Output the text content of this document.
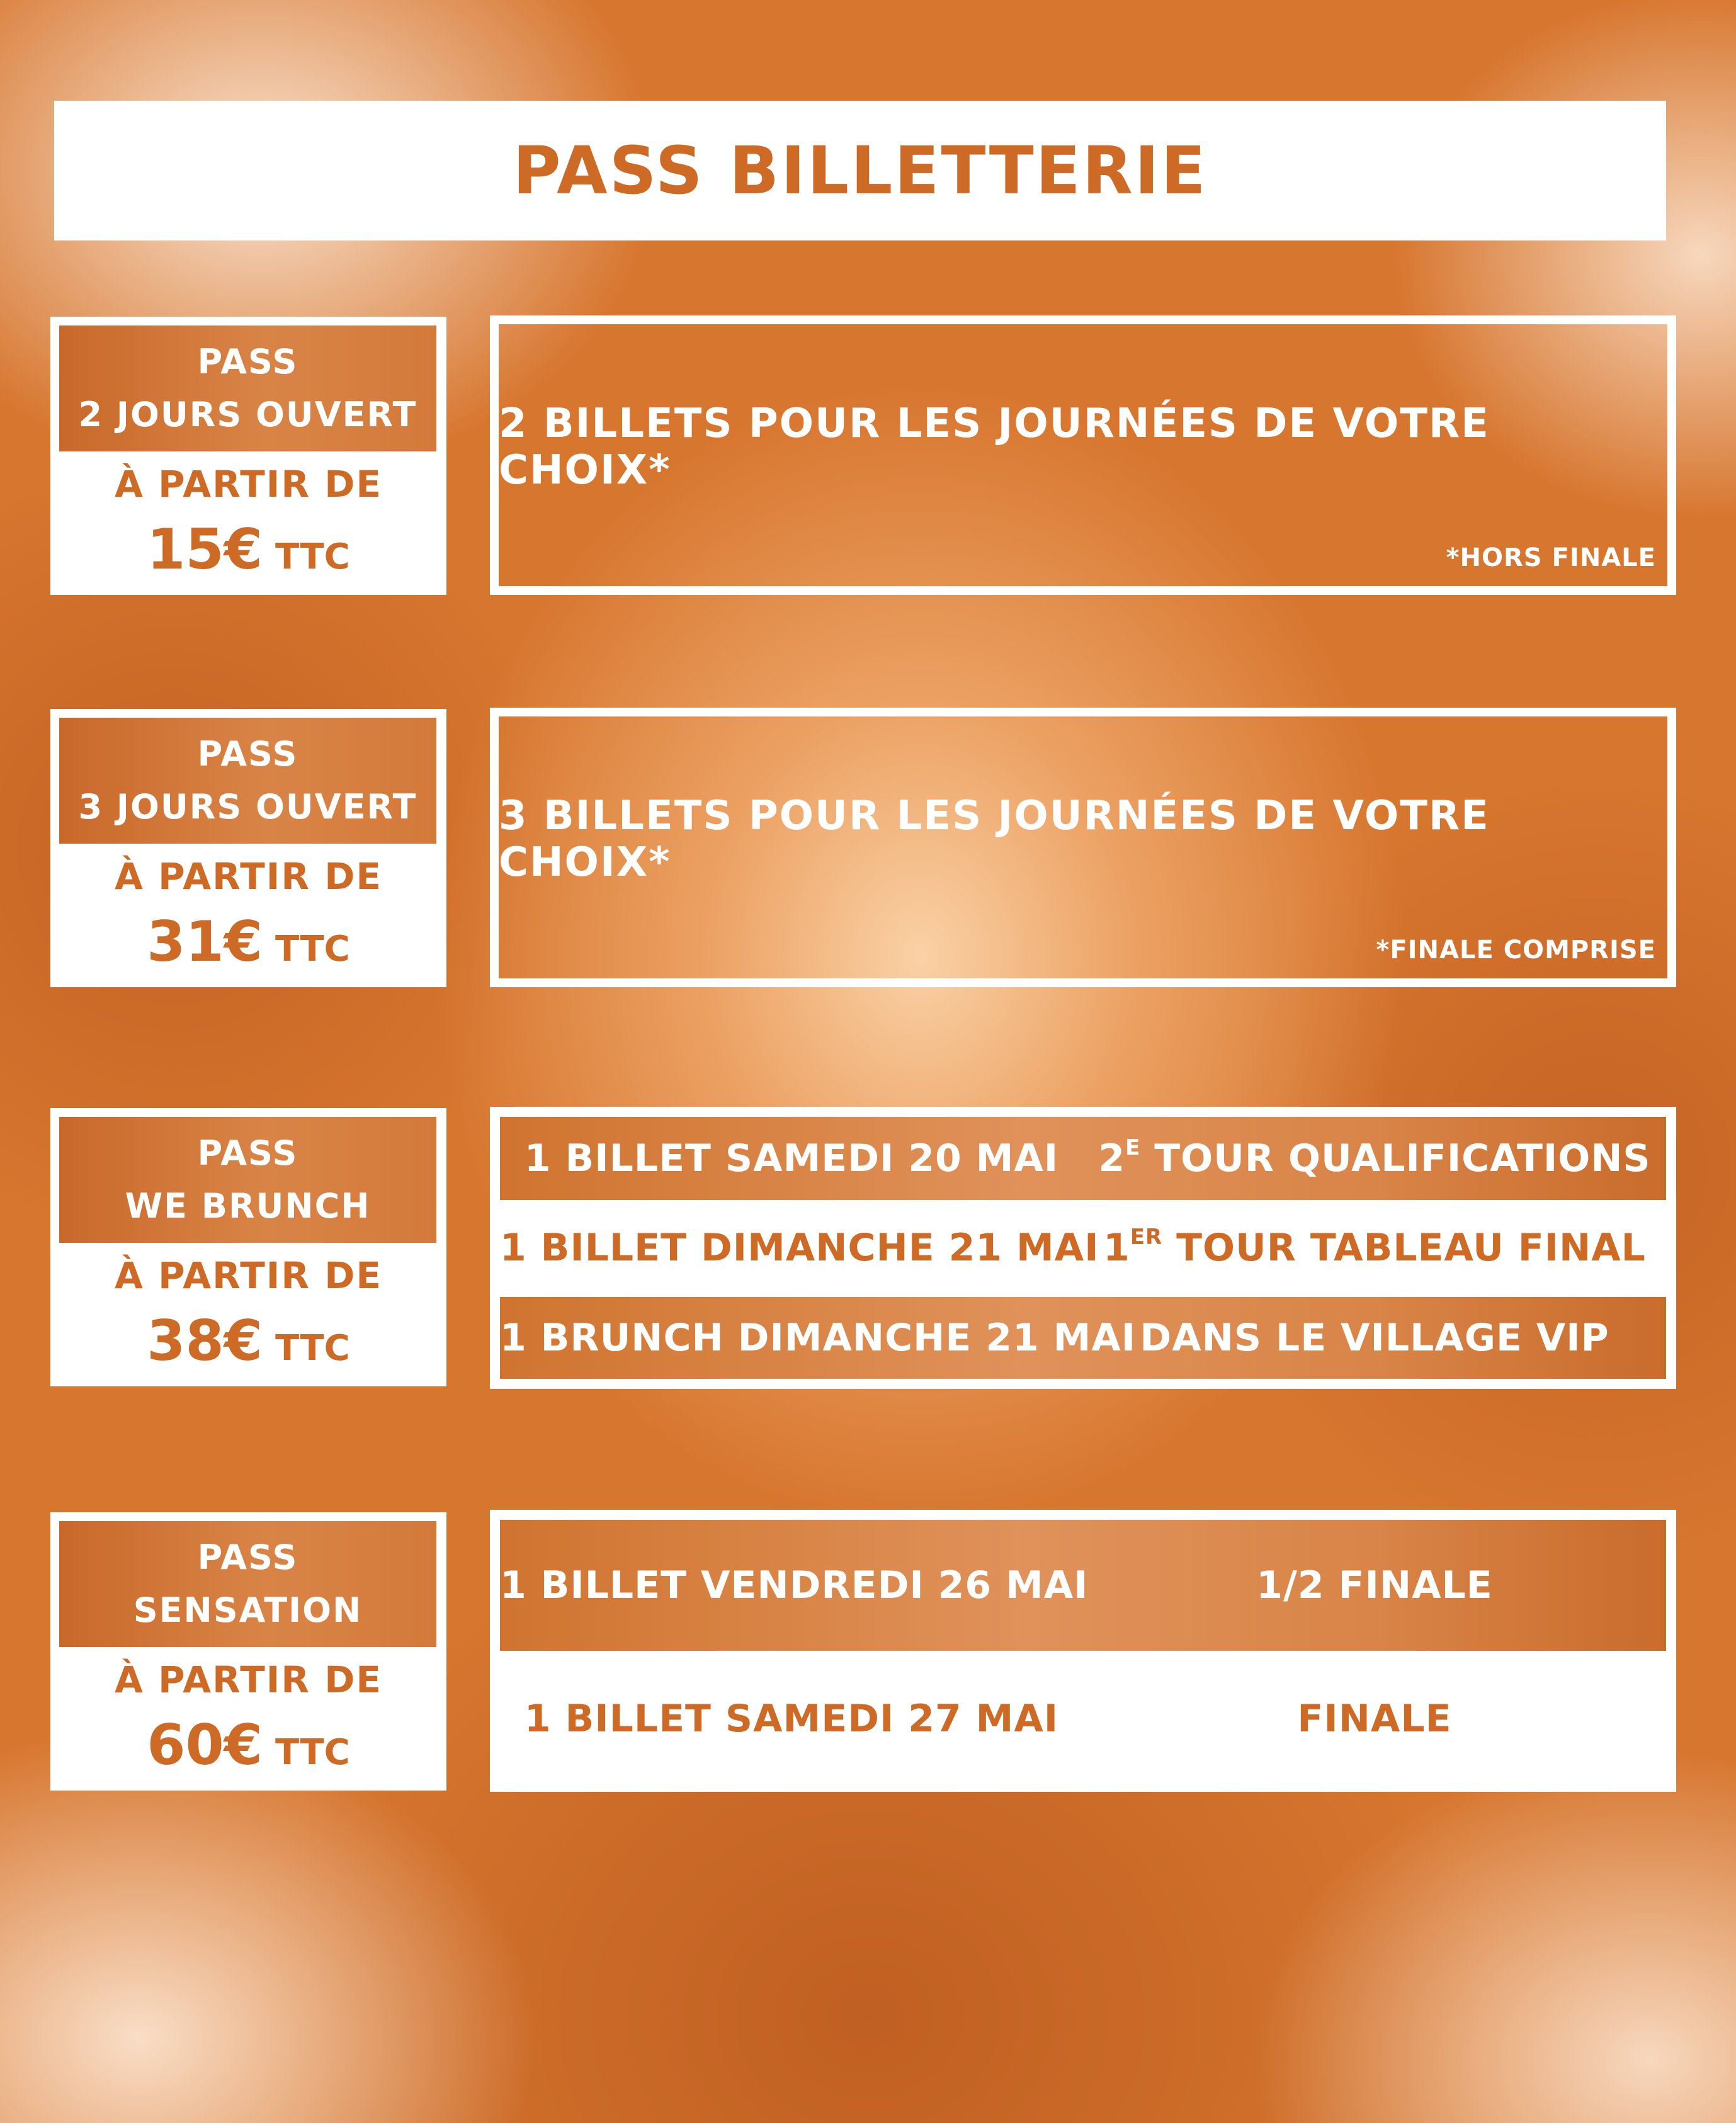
PASS BILLETTERIE
PASS
2 JOURS OUVERT
À PARTIR DE
15€ TTC
2 BILLETS POUR LES JOURNÉES DE VOTRE CHOIX*
*HORS FINALE
PASS
3 JOURS OUVERT
À PARTIR DE
31€ TTC
3 BILLETS POUR LES JOURNÉES DE VOTRE CHOIX*
*FINALE COMPRISE
PASS
WE BRUNCH
À PARTIR DE
38€ TTC
1 BILLET SAMEDI 20 MAI	$2^E$ TOUR QUALIFICATIONS
1 BILLET DIMANCHE 21 MAI 1ER TOUR TABLEAU FINAL
1 BRUNCH DIMANCHE 21 MAI DANS LE VILLAGE VIP
PASS
SENSATION
À PARTIR DE
60€ TTC
1 BILLET VENDREDI 26 MAI	1/2 FINALE
1 BILLET SAMEDI 27 MAI	FINALE
